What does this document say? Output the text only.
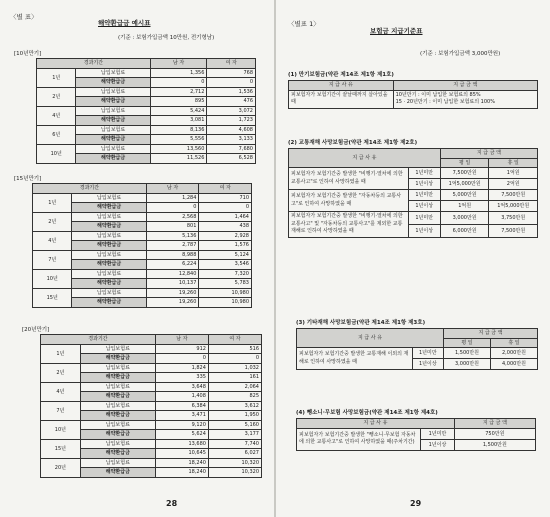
〈별 표〉
해약환급금 예시표
(기준 : 보험가입금액 10만원, 전기형남)
[10년만기]
경과기간		남 자	여 자
1년	납입보험료	1,356	768
	해약환급금	0	0
2년	납입보험료	2,712	1,536
	해약환급금	895	476
4년	납입보험료	5,424	3,072
	해약환급금	3,081	1,723
6년	납입보험료	8,136	4,608
	해약환급금	5,556	3,133
10년	납입보험료	13,560	7,680
	해약환급금	11,526	6,528
[15년만기]
경과기간		남 자	여 자
1년	납입보험료	1,284	710
	해약환급금	0	0
2년	납입보험료	2,568	1,464
	해약환급금	801	438
4년	납입보험료	5,136	2,928
	해약환급금	2,787	1,576
7년	납입보험료	8,988	5,124
	해약환급금	6,224	3,546
10년	납입보험료	12,840	7,320
	해약환급금	10,137	5,783
15년	납입보험료	19,260	10,980
	해약환급금	19,260	10,980
[20년만기]
경과기간		남 자	여 자
1년	납입보험료	912	516
	해약환급금	0	0
2년	납입보험료	1,824	1,032
	해약환급금	335	161
4년	납입보험료	3,648	2,064
	해약환급금	1,408	825
7년	납입보험료	6,384	3,612
	해약환급금	3,471	1,950
10년	납입보험료	9,120	5,160
	해약환급금	5,624	3,177
15년	납입보험료	13,680	7,740
	해약환급금	10,645	6,027
20년	납입보험료	18,240	10,320
	해약환급금	18,240	10,320
28
〈별표 1〉
보험금 지급기준표
(기준 : 보험가입금액 3,000만원)
(1) 만기보험금(약관 제14조 제1항 제1호)
지 급 사 유	지 급 금 액
피보험자가 보험기간이 끝날때까지 살아있을 때	10년만기 : 이미 납입한 보험료의 85%
15 · 20년만기 : 이미 납입한 보험료의 100%
(2) 교통재해 사망보험금(약관 제14조 제1항 제2호)
지 급 사 유		지 급 금 액	
		평 일	휴 일
피보험자가 보험기간중 발생한 "비행기·열차에 의한 교통사고"로 인하여 사망하였을 때	1년미만	7,500만원	1억원
	1년이상	1억5,000만원	2억원
피보험자가 보험기간중 발생한 "자동차등의 교통사고"로 인하여 사망하였을 때	1년미만	5,000만원	7,500만원
	1년이상	1억원	1억5,000만원
피보험자가 보험기간중 발생한 "비행기·열차에 의한 교통사고" 및 "자동차등의 교통사고"를 제외한 교통재해로 인하여 사망하였을 때	1년미만	3,000만원	3,750만원
	1년이상	6,000만원	7,500만원
(3) 기타재해 사망보험금(약관 제14조 제1항 제3호)
지 급 사 유		지 급 금 액	
		평 일	휴 일
피보험자가 보험기간중 발생한 교통재해 이외의 재해로 인하여 사망하였을 때	1년미만	1,500만원	2,000만원
	1년이상	3,000만원	4,000만원
(4) 뺑소니·무보험 사망보험금(약관 제14조 제1항 제4호)
지 급 사 유		지 급 금 액
피보험자가 보험기간중 발생한 "뺑소니·무보험 자동차에 의한 교통사고"로 인하여 사망하였을 때(주차기간)	1년미만	750만원
	1년이상	1,500만원
29
